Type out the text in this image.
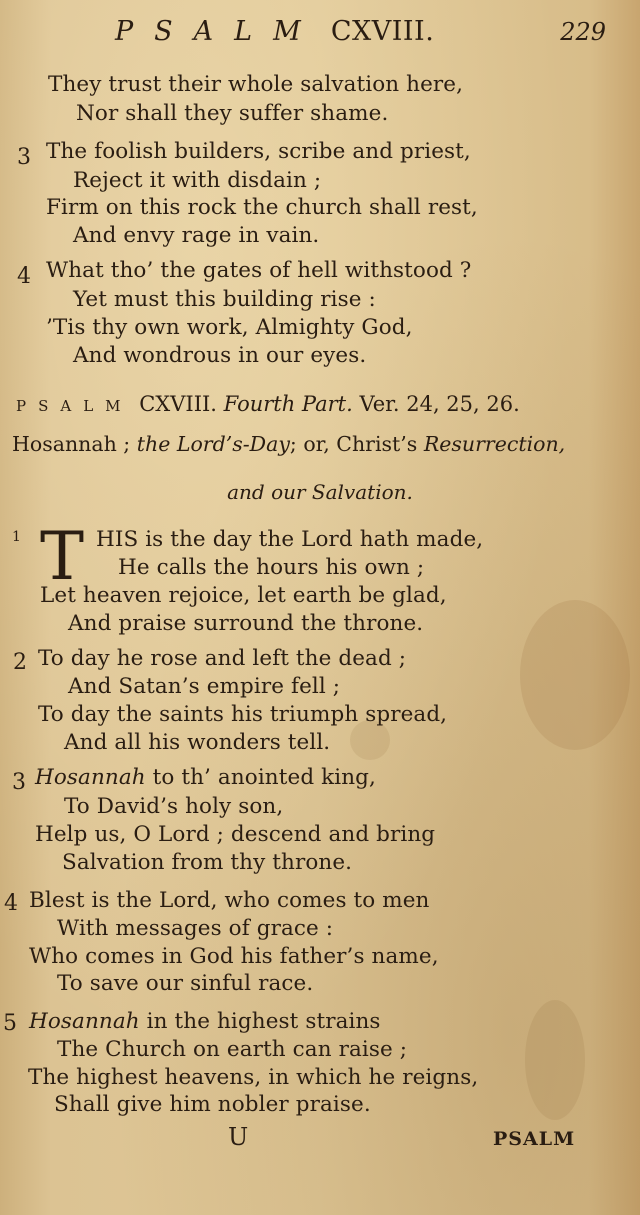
PSALM CXVIII.	229
They trust their whole salvation here,
Nor shall they suffer shame.
3 The foolish builders, scribe and priest,
Reject it with disdain ;
Firm on this rock the church shall rest,
And envy rage in vain.
4 What tho’ the gates of hell withstood ?
Yet must this building rise :
’Tis thy own work, Almighty God,
And wondrous in our eyes.
PSALM CXVIII. Fourth Part. Ver. 24, 25, 26.
Hosannah ; the Lord’s-Day; or, Christ’s Resurrection,
and our Salvation.
1 T HIS is the day the Lord hath made,
He calls the hours his own ;
Let heaven rejoice, let earth be glad,
And praise surround the throne.
2 To day he rose and left the dead ;
And Satan’s empire fell ;
To day the saints his triumph spread,
And all his wonders tell.
3 Hosannah to th’ anointed king,
To David’s holy son,
Help us, O Lord ; descend and bring
Salvation from thy throne.
4 Blest is the Lord, who comes to men
With messages of grace :
Who comes in God his father’s name,
To save our sinful race.
5 Hosannah in the highest strains
The Church on earth can raise ;
The highest heavens, in which he reigns,
Shall give him nobler praise.
U	PSALM
